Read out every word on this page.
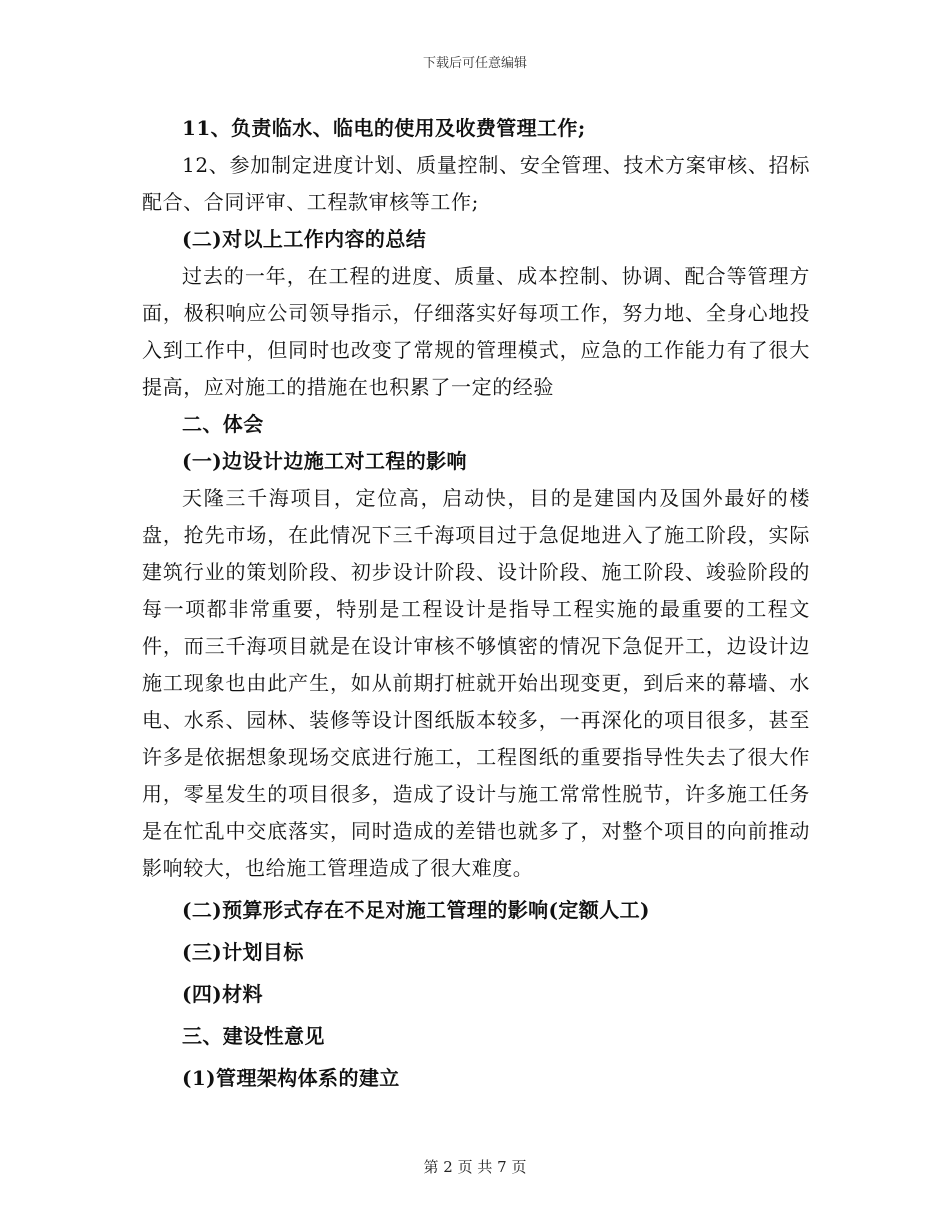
下载后可任意编辑

11、负责临水、临电的使用及收费管理工作;

12、参加制定进度计划、质量控制、安全管理、技术方案审核、招标配合、合同评审、工程款审核等工作;

(二)对以上工作内容的总结

过去的一年，在工程的进度、质量、成本控制、协调、配合等管理方面，极积响应公司领导指示，仔细落实好每项工作，努力地、全身心地投入到工作中，但同时也改变了常规的管理模式，应急的工作能力有了很大提高，应对施工的措施在也积累了一定的经验

二、体会

(一)边设计边施工对工程的影响

天隆三千海项目，定位高，启动快，目的是建国内及国外最好的楼盘，抢先市场，在此情况下三千海项目过于急促地进入了施工阶段，实际建筑行业的策划阶段、初步设计阶段、设计阶段、施工阶段、竣验阶段的每一项都非常重要，特别是工程设计是指导工程实施的最重要的工程文件，而三千海项目就是在设计审核不够慎密的情况下急促开工，边设计边施工现象也由此产生，如从前期打桩就开始出现变更，到后来的幕墙、水电、水系、园林、装修等设计图纸版本较多，一再深化的项目很多，甚至许多是依据想象现场交底进行施工，工程图纸的重要指导性失去了很大作用，零星发生的项目很多，造成了设计与施工常常性脱节，许多施工任务是在忙乱中交底落实，同时造成的差错也就多了，对整个项目的向前推动影响较大，也给施工管理造成了很大难度。

(二)预算形式存在不足对施工管理的影响(定额人工)

(三)计划目标

(四)材料

三、建设性意见

(1)管理架构体系的建立

第 2 页 共 7 页
